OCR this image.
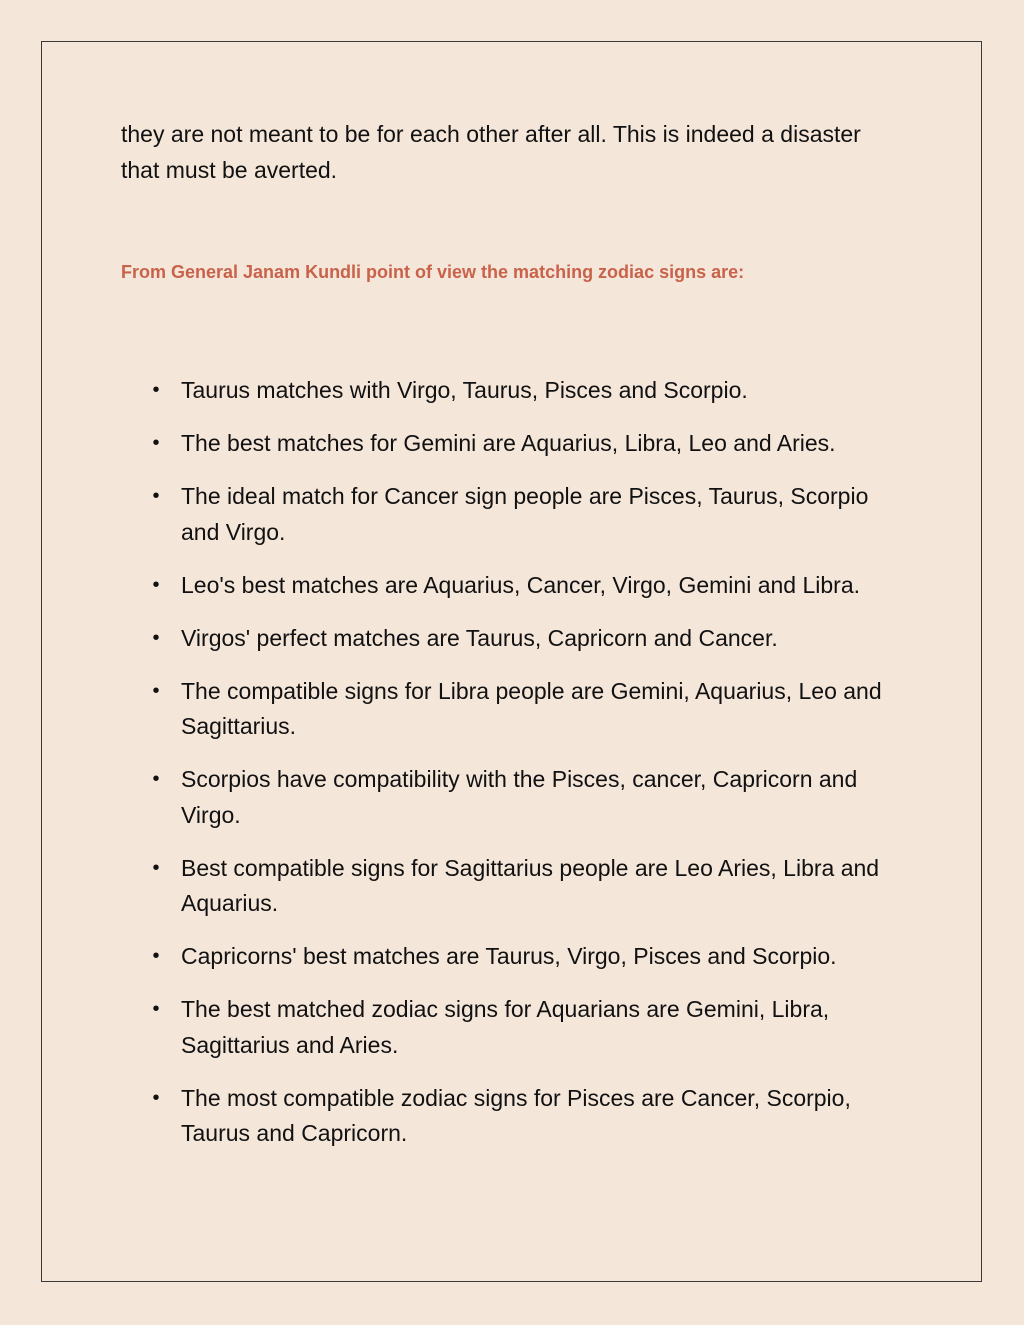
they are not meant to be for each other after all. This is indeed a disaster that must be averted.

From General Janam Kundli point of view the matching zodiac signs are:
• Taurus matches with Virgo, Taurus, Pisces and Scorpio.
• The best matches for Gemini are Aquarius, Libra, Leo and Aries.
• The ideal match for Cancer sign people are Pisces, Taurus, Scorpio and Virgo.
• Leo's best matches are Aquarius, Cancer, Virgo, Gemini and Libra.
• Virgos' perfect matches are Taurus, Capricorn and Cancer.
• The compatible signs for Libra people are Gemini, Aquarius, Leo and Sagittarius.
• Scorpios have compatibility with the Pisces, cancer, Capricorn and Virgo.
• Best compatible signs for Sagittarius people are Leo Aries, Libra and Aquarius.
• Capricorns' best matches are Taurus, Virgo, Pisces and Scorpio.
• The best matched zodiac signs for Aquarians are Gemini, Libra, Sagittarius and Aries.
• The most compatible zodiac signs for Pisces are Cancer, Scorpio, Taurus and Capricorn.
